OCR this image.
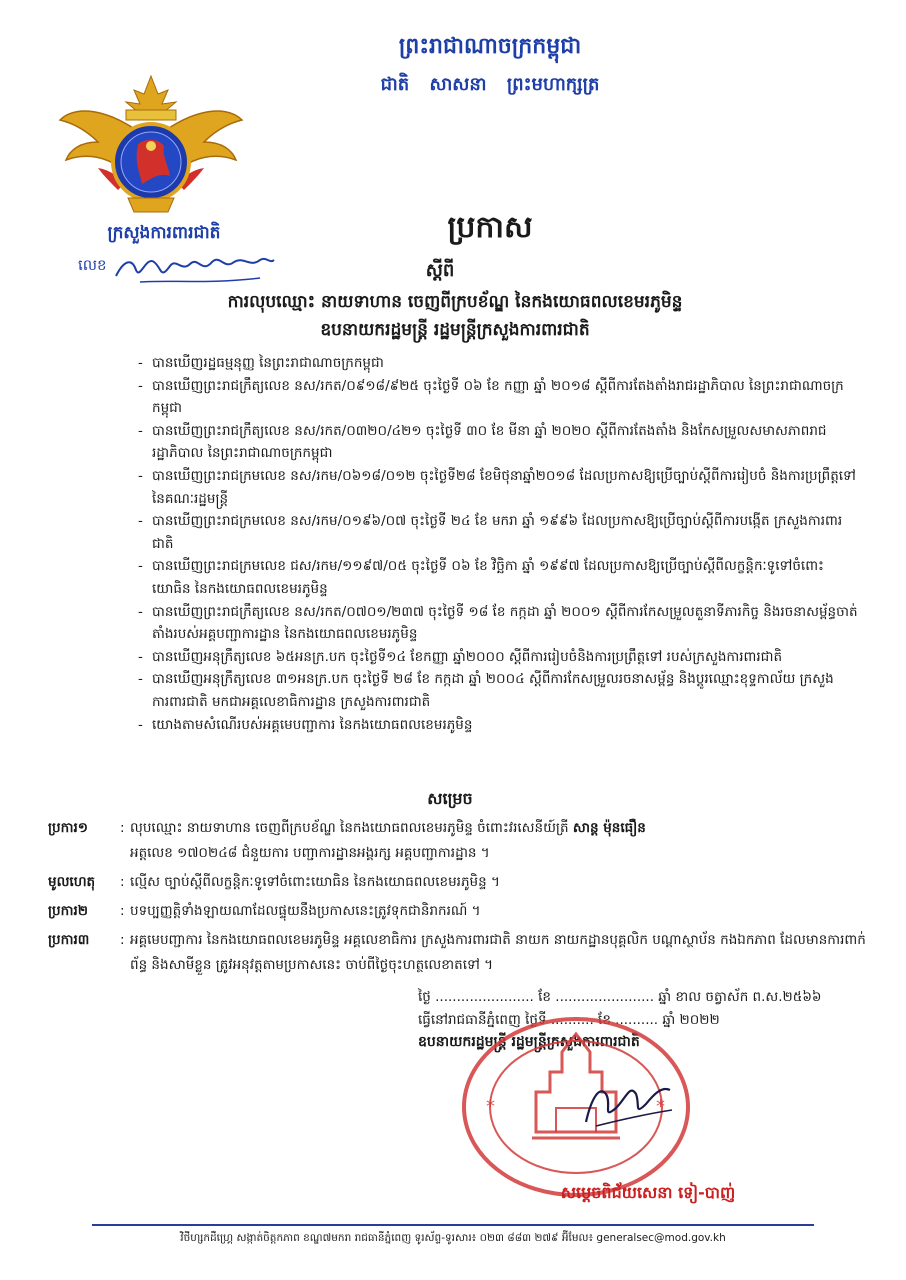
ព្រះរាជាណាចក្រកម្ពុជា
ជាតិ សាសនា ព្រះមហាក្សត្រ
ក្រសួងការពារជាតិ
លេខ
ប្រកាស
ស្តីពី
ការលុបឈ្មោះ នាយទាហាន ចេញពីក្របខ័ណ្ឌ នៃកងយោធពលខេមរភូមិន្ទ
ឧបនាយករដ្ឋមន្ត្រី រដ្ឋមន្ត្រីក្រសួងការពារជាតិ
- បានឃើញរដ្ឋធម្មនុញ្ញ នៃព្រះរាជាណាចក្រកម្ពុជា
- បានឃើញព្រះរាជក្រឹត្យលេខ នស/រកត/០៩១៨/៩២៥ ចុះថ្ងៃទី ០៦ ខែ កញ្ញា ឆ្នាំ ២០១៨ ស្តីពីការតែងតាំងរាជរដ្ឋាភិបាល នៃព្រះរាជាណាចក្រកម្ពុជា
- បានឃើញព្រះរាជក្រឹត្យលេខ នស/រកត/០៣២០/៤២១ ចុះថ្ងៃទី ៣០ ខែ មីនា ឆ្នាំ ២០២០ ស្តីពីការតែងតាំង និងកែសម្រួលសមាសភាពរាជរដ្ឋាភិបាល នៃព្រះរាជាណាចក្រកម្ពុជា
- បានឃើញព្រះរាជក្រមលេខ នស/រកម/០៦១៨/០១២ ចុះថ្ងៃទី២៨ ខែមិថុនាឆ្នាំ២០១៨ ដែលប្រកាសឱ្យប្រើច្បាប់ស្តីពីការរៀបចំ និងការប្រព្រឹត្តទៅនៃគណៈរដ្ឋមន្ត្រី
- បានឃើញព្រះរាជក្រមលេខ នស/រកម/០១៩៦/០៧ ចុះថ្ងៃទី ២៤ ខែ មករា ឆ្នាំ ១៩៩៦ ដែលប្រកាសឱ្យប្រើច្បាប់ស្តីពីការបង្កើត ក្រសួងការពារជាតិ
- បានឃើញព្រះរាជក្រមលេខ ជស/រកម/១១៩៧/០៥ ចុះថ្ងៃទី ០៦ ខែ វិច្ឆិកា ឆ្នាំ ១៩៩៧ ដែលប្រកាសឱ្យប្រើច្បាប់ស្តីពីលក្ខន្តិកៈទូទៅចំពោះយោធិន នៃកងយោធពលខេមរភូមិន្ទ
- បានឃើញព្រះរាជក្រឹត្យលេខ នស/រកត/០៧០១/២៣៧ ចុះថ្ងៃទី ១៨ ខែ កក្កដា ឆ្នាំ ២០០១ ស្តីពីការកែសម្រួលតួនាទីភារកិច្ច និងរចនាសម្ព័ន្ធចាត់តាំងរបស់អគ្គបញ្ជាការដ្ឋាន នៃកងយោធពលខេមរភូមិន្ទ
- បានឃើញអនុក្រឹត្យលេខ ៦៥អនក្រ.បក ចុះថ្ងៃទី១៤ ខែកញ្ញា ឆ្នាំ២០០០ ស្តីពីការរៀបចំនិងការប្រព្រឹត្តទៅ របស់ក្រសួងការពារជាតិ
- បានឃើញអនុក្រឹត្យលេខ ៣១អនក្រ.បក ចុះថ្ងៃទី ២៨ ខែ កក្កដា ឆ្នាំ ២០០៤ ស្តីពីការកែសម្រួលរចនាសម្ព័ន្ធ និងប្តូរឈ្មោះខុទ្ទកាល័យ ក្រសួងការពារជាតិ មកជាអគ្គលេខាធិការដ្ឋាន ក្រសួងការពារជាតិ
- យោងតាមសំណើរបស់អគ្គមេបញ្ជាការ នៃកងយោធពលខេមរភូមិន្ទ
សម្រេច
ប្រការ១	: លុបឈ្មោះ នាយទាហាន ចេញពីក្របខ័ណ្ឌ នៃកងយោធពលខេមរភូមិន្ទ ចំពោះវរសេនីយ៍ត្រី សាន្ត ម៉ុនធឿន
អត្តលេខ ១៧០២៤៨ ជំនួយការ បញ្ជាការដ្ឋានអង្គរក្ស អគ្គបញ្ជាការដ្ឋាន ។
មូលហេតុ	: ល្មើស ច្បាប់ស្តីពីលក្ខន្តិកៈទូទៅចំពោះយោធិន នៃកងយោធពលខេមរភូមិន្ទ ។
ប្រការ២	: បទប្បញ្ញត្តិទាំងឡាយណាដែលផ្ទុយនឹងប្រកាសនេះត្រូវទុកជានិរាករណ៍ ។
ប្រការ៣	: អគ្គមេបញ្ជាការ នៃកងយោធពលខេមរភូមិន្ទ អគ្គលេខាធិការ ក្រសួងការពារជាតិ នាយក នាយកដ្ឋានបុគ្គលិក បណ្តាស្ថាប័ន កងឯកភាព ដែលមានការពាក់ព័ន្ធ និងសាមីខ្លួន ត្រូវអនុវត្តតាមប្រកាសនេះ ចាប់ពីថ្ងៃចុះហត្ថលេខាតទៅ ។
ថ្ងៃ ....................... ខែ ....................... ឆ្នាំ ខាល ចត្វាស័ក ព.ស.២៥៦៦
ធ្វើនៅរាជធានីភ្នំពេញ ថ្ងៃទី .......... ខែ .......... ឆ្នាំ ២០២២
ឧបនាយករដ្ឋមន្ត្រី រដ្ឋមន្ត្រីក្រសួងការពារជាតិ
*	*
សម្តេចពិជ័យសេនា ទៀ-បាញ់
វិថីហ្សកដឺហ្គ្រេ សង្កាត់ចិត្តកភាព ខណ្ឌ៧មករា រាជធានីភ្នំពេញ ទូរស័ព្ទ-ទូរសារ៖ ០២៣ ៨៨៣ ២៧៩ អ៊ីមែល៖ generalsec@mod.gov.kh
